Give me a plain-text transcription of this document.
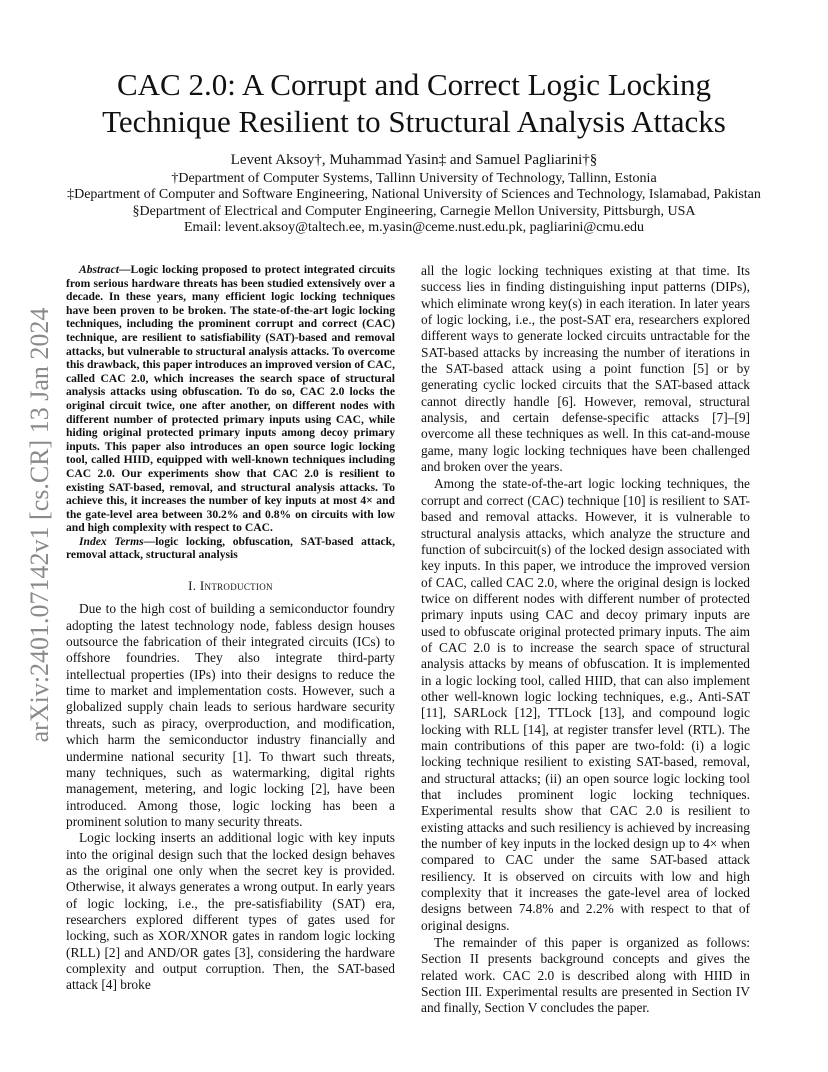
arXiv:2401.07142v1 [cs.CR] 13 Jan 2024
CAC 2.0: A Corrupt and Correct Logic Locking
Technique Resilient to Structural Analysis Attacks
Levent Aksoy†, Muhammad Yasin‡ and Samuel Pagliarini†§
†Department of Computer Systems, Tallinn University of Technology, Tallinn, Estonia
‡Department of Computer and Software Engineering, National University of Sciences and Technology, Islamabad, Pakistan
§Department of Electrical and Computer Engineering, Carnegie Mellon University, Pittsburgh, USA
Email: levent.aksoy@taltech.ee, m.yasin@ceme.nust.edu.pk, pagliarini@cmu.edu

Abstract—Logic locking proposed to protect integrated circuits from serious hardware threats has been studied extensively over a decade. In these years, many efficient logic locking techniques have been proven to be broken. The state-of-the-art logic locking techniques, including the prominent corrupt and correct (CAC) technique, are resilient to satisfiability (SAT)-based and removal attacks, but vulnerable to structural analysis attacks. To overcome this drawback, this paper introduces an improved version of CAC, called CAC 2.0, which increases the search space of structural analysis attacks using obfuscation. To do so, CAC 2.0 locks the original circuit twice, one after another, on different nodes with different number of protected primary inputs using CAC, while hiding original protected primary inputs among decoy primary inputs. This paper also introduces an open source logic locking tool, called HIID, equipped with well-known techniques including CAC 2.0. Our experiments show that CAC 2.0 is resilient to existing SAT-based, removal, and structural analysis attacks. To achieve this, it increases the number of key inputs at most 4× and the gate-level area between 30.2% and 0.8% on circuits with low and high complexity with respect to CAC.

Index Terms—logic locking, obfuscation, SAT-based attack, removal attack, structural analysis

I. Introduction

Due to the high cost of building a semiconductor foundry adopting the latest technology node, fabless design houses outsource the fabrication of their integrated circuits (ICs) to offshore foundries. They also integrate third-party intellectual properties (IPs) into their designs to reduce the time to market and implementation costs. However, such a globalized supply chain leads to serious hardware security threats, such as piracy, overproduction, and modification, which harm the semiconductor industry financially and undermine national security [1]. To thwart such threats, many techniques, such as watermarking, digital rights management, metering, and logic locking [2], have been introduced. Among those, logic locking has been a prominent solution to many security threats.

Logic locking inserts an additional logic with key inputs into the original design such that the locked design behaves as the original one only when the secret key is provided. Otherwise, it always generates a wrong output. In early years of logic locking, i.e., the pre-satisfiability (SAT) era, researchers explored different types of gates used for locking, such as XOR/XNOR gates in random logic locking (RLL) [2] and AND/OR gates [3], considering the hardware complexity and output corruption. Then, the SAT-based attack [4] broke

all the logic locking techniques existing at that time. Its success lies in finding distinguishing input patterns (DIPs), which eliminate wrong key(s) in each iteration. In later years of logic locking, i.e., the post-SAT era, researchers explored different ways to generate locked circuits untractable for the SAT-based attacks by increasing the number of iterations in the SAT-based attack using a point function [5] or by generating cyclic locked circuits that the SAT-based attack cannot directly handle [6]. However, removal, structural analysis, and certain defense-specific attacks [7]–[9] overcome all these techniques as well. In this cat-and-mouse game, many logic locking techniques have been challenged and broken over the years.

Among the state-of-the-art logic locking techniques, the corrupt and correct (CAC) technique [10] is resilient to SAT-based and removal attacks. However, it is vulnerable to structural analysis attacks, which analyze the structure and function of subcircuit(s) of the locked design associated with key inputs. In this paper, we introduce the improved version of CAC, called CAC 2.0, where the original design is locked twice on different nodes with different number of protected primary inputs using CAC and decoy primary inputs are used to obfuscate original protected primary inputs. The aim of CAC 2.0 is to increase the search space of structural analysis attacks by means of obfuscation. It is implemented in a logic locking tool, called HIID, that can also implement other well-known logic locking techniques, e.g., Anti-SAT [11], SARLock [12], TTLock [13], and compound logic locking with RLL [14], at register transfer level (RTL). The main contributions of this paper are two-fold: (i) a logic locking technique resilient to existing SAT-based, removal, and structural attacks; (ii) an open source logic locking tool that includes prominent logic locking techniques. Experimental results show that CAC 2.0 is resilient to existing attacks and such resiliency is achieved by increasing the number of key inputs in the locked design up to 4× when compared to CAC under the same SAT-based attack resiliency. It is observed on circuits with low and high complexity that it increases the gate-level area of locked designs between 74.8% and 2.2% with respect to that of original designs.

The remainder of this paper is organized as follows: Section II presents background concepts and gives the related work. CAC 2.0 is described along with HIID in Section III. Experimental results are presented in Section IV and finally, Section V concludes the paper.
